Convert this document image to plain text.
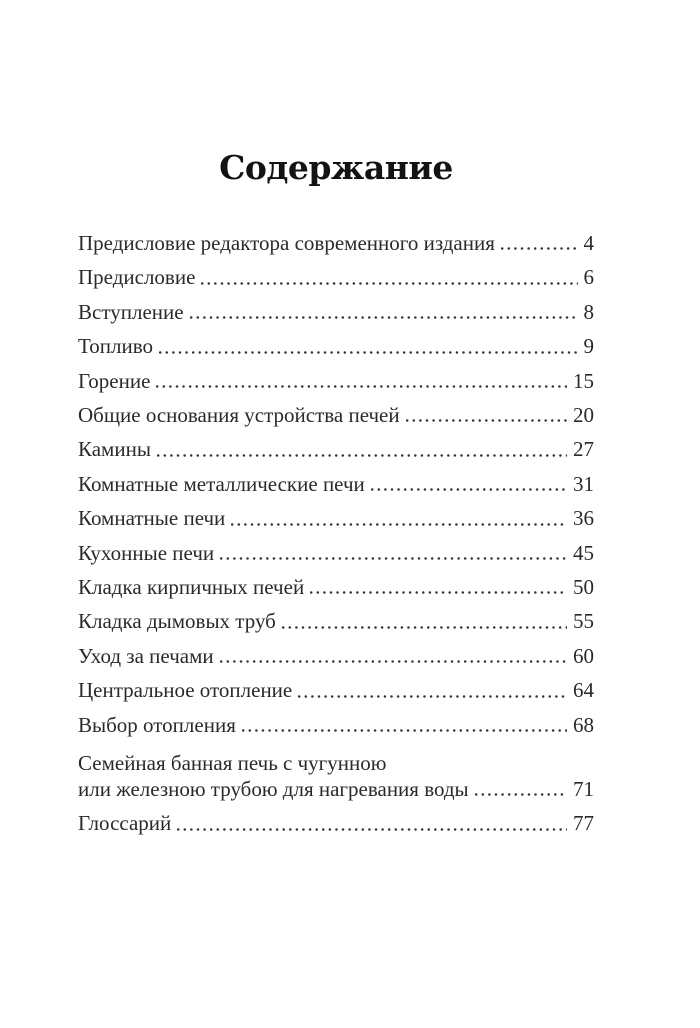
Содержание
Предисловие редактора современного издания	4
Предисловие	6
Вступление	8
Топливо	9
Горение	15
Общие основания устройства печей	20
Камины	27
Комнатные металлические печи	31
Комнатные печи	36
Кухонные печи	45
Кладка кирпичных печей	50
Кладка дымовых труб	55
Уход за печами	60
Центральное отопление	64
Выбор отопления	68
Семейная банная печь с чугунною
или железною трубою для нагревания воды	71
Глоссарий	77
